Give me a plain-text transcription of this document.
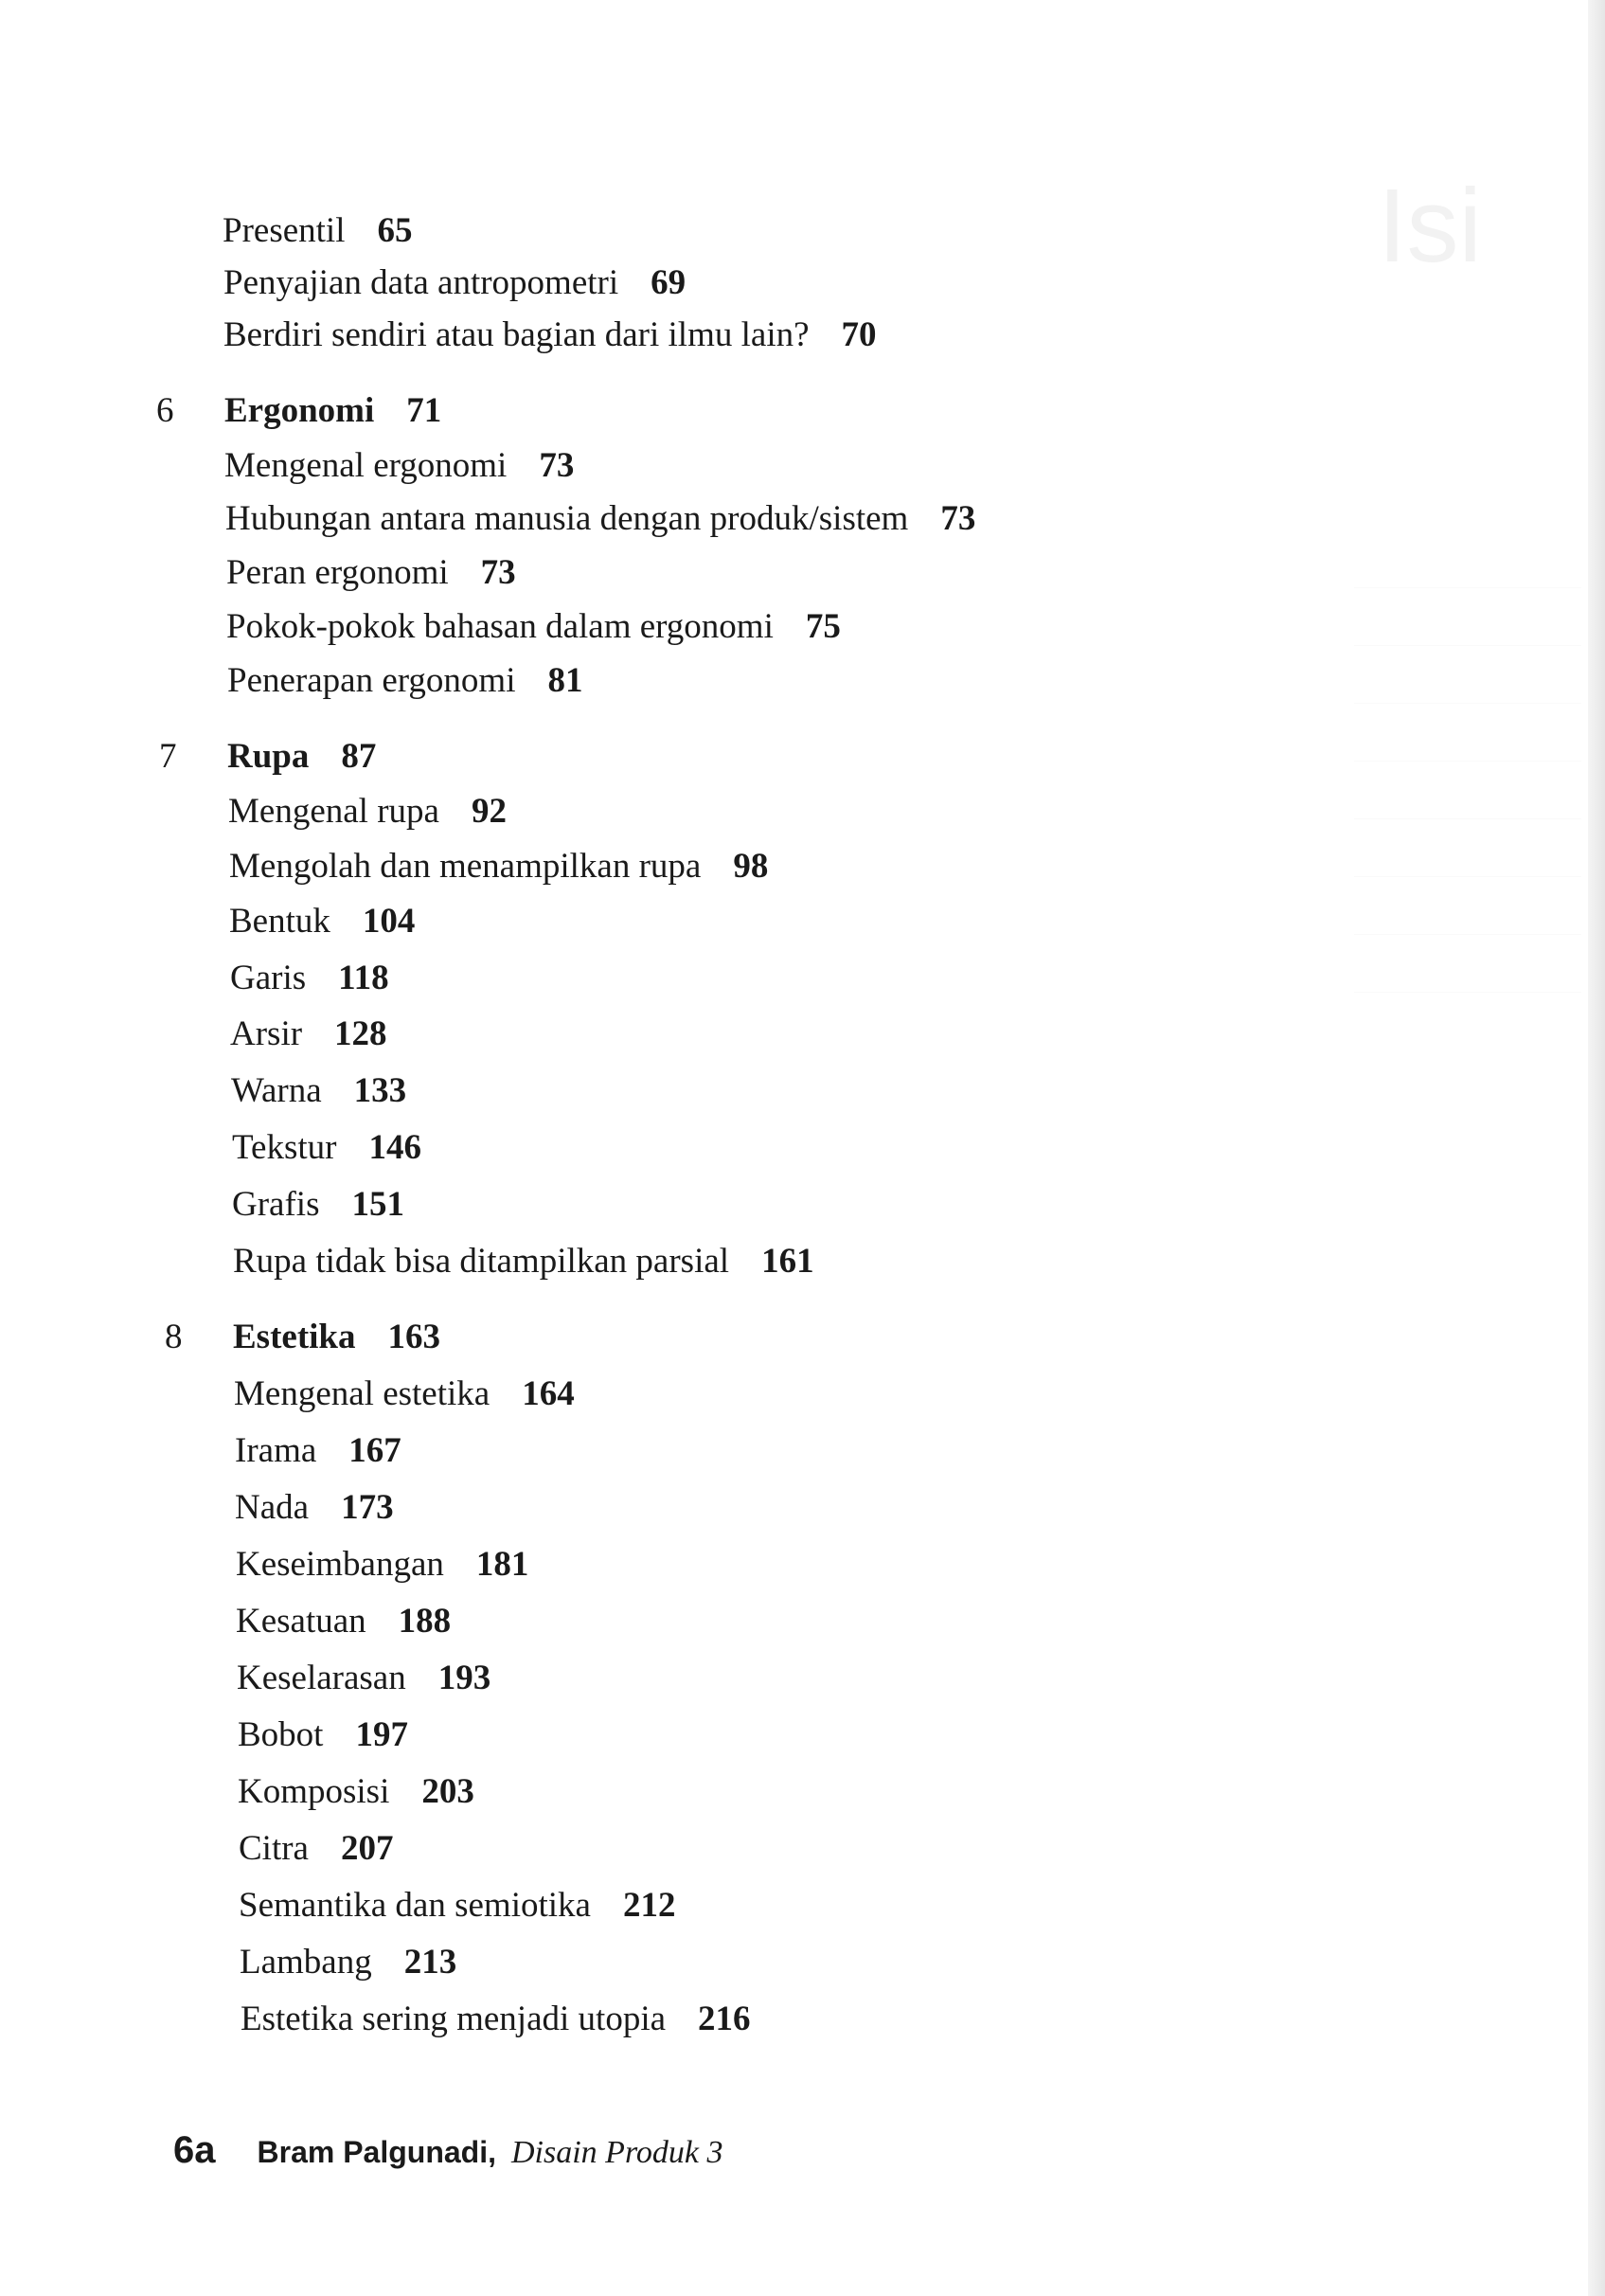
Isi
Presentil 65
Penyajian data antropometri 69
Berdiri sendiri atau bagian dari ilmu lain? 70
6 Ergonomi 71
Mengenal ergonomi 73
Hubungan antara manusia dengan produk/sistem 73
Peran ergonomi 73
Pokok-pokok bahasan dalam ergonomi 75
Penerapan ergonomi 81
7 Rupa 87
Mengenal rupa 92
Mengolah dan menampilkan rupa 98
Bentuk 104
Garis 118
Arsir 128
Warna 133
Tekstur 146
Grafis 151
Rupa tidak bisa ditampilkan parsial 161
8 Estetika 163
Mengenal estetika 164
Irama 167
Nada 173
Keseimbangan 181
Kesatuan 188
Keselarasan 193
Bobot 197
Komposisi 203
Citra 207
Semantika dan semiotika 212
Lambang 213
Estetika sering menjadi utopia 216
6a Bram Palgunadi, Disain Produk 3
